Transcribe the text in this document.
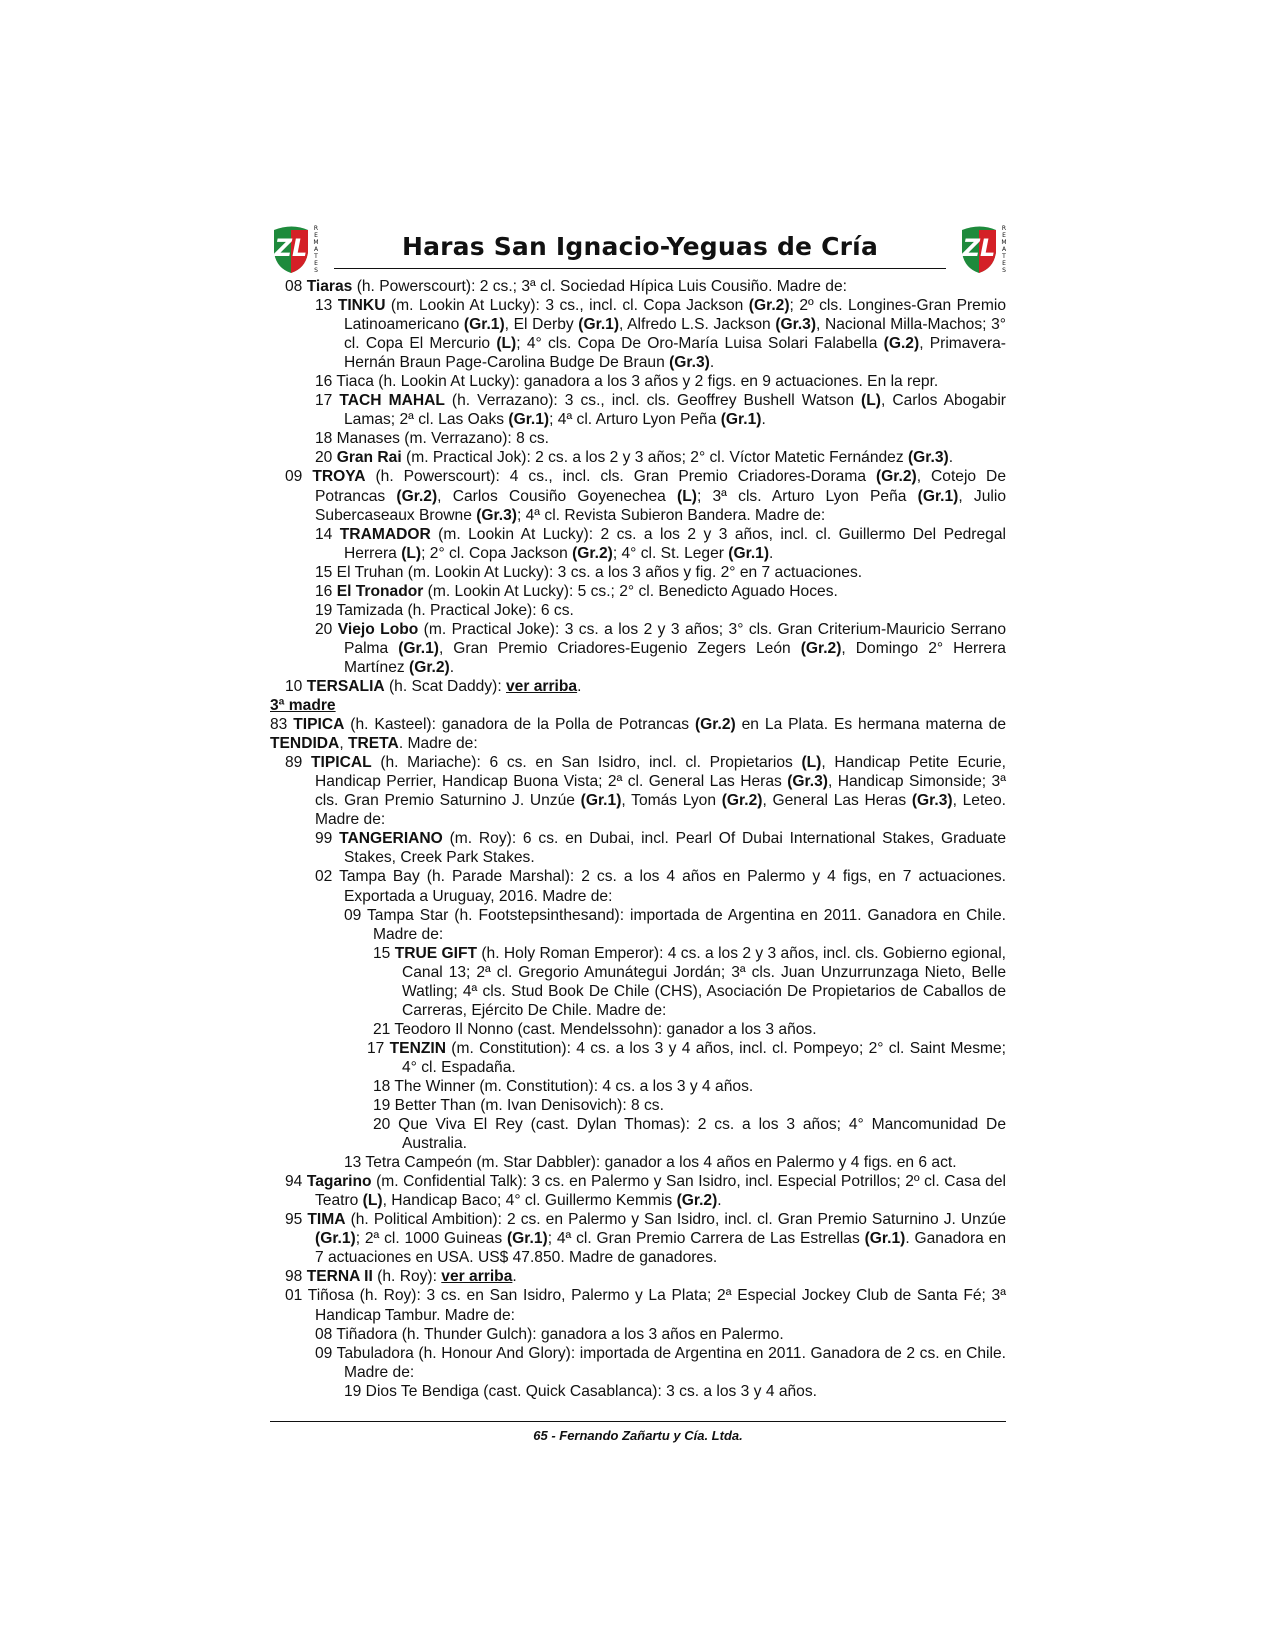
ZL
R
E
M
A
T
E
S
Haras San Ignacio-Yeguas de Cría	ZL
R
E
M
A
T
E
S
08 Tiaras (h. Powerscourt): 2 cs.; 3ª cl. Sociedad Hípica Luis Cousiño. Madre de:
13 TINKU (m. Lookin At Lucky): 3 cs., incl. cl. Copa Jackson (Gr.2); 2º cls. Longines-Gran Premio Latinoamericano (Gr.1), El Derby (Gr.1), Alfredo L.S. Jackson (Gr.3), Nacional Milla-Machos; 3° cl. Copa El Mercurio (L); 4° cls. Copa De Oro-María Luisa Solari Falabella (G.2), Primavera-Hernán Braun Page-Carolina Budge De Braun (Gr.3).
16 Tiaca (h. Lookin At Lucky): ganadora a los 3 años y 2 figs. en 9 actuaciones. En la repr.
17 TACH MAHAL (h. Verrazano): 3 cs., incl. cls. Geoffrey Bushell Watson (L), Carlos Abogabir Lamas; 2ª cl. Las Oaks (Gr.1); 4ª cl. Arturo Lyon Peña (Gr.1).
18 Manases (m. Verrazano): 8 cs.
20 Gran Rai (m. Practical Jok): 2 cs. a los 2 y 3 años; 2° cl. Víctor Matetic Fernández (Gr.3).
09 TROYA (h. Powerscourt): 4 cs., incl. cls. Gran Premio Criadores-Dorama (Gr.2), Cotejo De Potrancas (Gr.2), Carlos Cousiño Goyenechea (L); 3ª cls. Arturo Lyon Peña (Gr.1), Julio Subercaseaux Browne (Gr.3); 4ª cl. Revista Subieron Bandera. Madre de:
14 TRAMADOR (m. Lookin At Lucky): 2 cs. a los 2 y 3 años, incl. cl. Guillermo Del Pedregal Herrera (L); 2° cl. Copa Jackson (Gr.2); 4° cl. St. Leger (Gr.1).
15 El Truhan (m. Lookin At Lucky): 3 cs. a los 3 años y fig. 2° en 7 actuaciones.
16 El Tronador (m. Lookin At Lucky): 5 cs.; 2° cl. Benedicto Aguado Hoces.
19 Tamizada (h. Practical Joke): 6 cs.
20 Viejo Lobo (m. Practical Joke): 3 cs. a los 2 y 3 años; 3° cls. Gran Criterium-Mauricio Serrano Palma (Gr.1), Gran Premio Criadores-Eugenio Zegers León (Gr.2), Domingo 2° Herrera Martínez (Gr.2).
10 TERSALIA (h. Scat Daddy): ver arriba.
3ª madre
83 TIPICA (h. Kasteel): ganadora de la Polla de Potrancas (Gr.2) en La Plata. Es hermana materna de TENDIDA, TRETA. Madre de:
89 TIPICAL (h. Mariache): 6 cs. en San Isidro, incl. cl. Propietarios (L), Handicap Petite Ecurie, Handicap Perrier, Handicap Buona Vista; 2ª cl. General Las Heras (Gr.3), Handicap Simonside; 3ª cls. Gran Premio Saturnino J. Unzúe (Gr.1), Tomás Lyon (Gr.2), General Las Heras (Gr.3), Leteo. Madre de:
99 TANGERIANO (m. Roy): 6 cs. en Dubai, incl. Pearl Of Dubai International Stakes, Graduate Stakes, Creek Park Stakes.
02 Tampa Bay (h. Parade Marshal): 2 cs. a los 4 años en Palermo y 4 figs, en 7 actuaciones. Exportada a Uruguay, 2016. Madre de:
09 Tampa Star (h. Footstepsinthesand): importada de Argentina en 2011. Ganadora en Chile. Madre de:
15 TRUE GIFT (h. Holy Roman Emperor): 4 cs. a los 2 y 3 años, incl. cls. Gobierno egional, Canal 13; 2ª cl. Gregorio Amunátegui Jordán; 3ª cls. Juan Unzurrunzaga Nieto, Belle Watling; 4ª cls. Stud Book De Chile (CHS), Asociación De Propietarios de Caballos de Carreras, Ejército De Chile. Madre de:
21 Teodoro Il Nonno (cast. Mendelssohn): ganador a los 3 años.
17 TENZIN (m. Constitution): 4 cs. a los 3 y 4 años, incl. cl. Pompeyo; 2° cl. Saint Mesme; 4° cl. Espadaña.
18 The Winner (m. Constitution): 4 cs. a los 3 y 4 años.
19 Better Than (m. Ivan Denisovich): 8 cs.
20 Que Viva El Rey (cast. Dylan Thomas): 2 cs. a los 3 años; 4° Mancomunidad De Australia.
13 Tetra Campeón (m. Star Dabbler): ganador a los 4 años en Palermo y 4 figs. en 6 act.
94 Tagarino (m. Confidential Talk): 3 cs. en Palermo y San Isidro, incl. Especial Potrillos; 2º cl. Casa del Teatro (L), Handicap Baco; 4° cl. Guillermo Kemmis (Gr.2).
95 TIMA (h. Political Ambition): 2 cs. en Palermo y San Isidro, incl. cl. Gran Premio Saturnino J. Unzúe (Gr.1); 2ª cl. 1000 Guineas (Gr.1); 4ª cl. Gran Premio Carrera de Las Estrellas (Gr.1). Ganadora en 7 actuaciones en USA. US$ 47.850. Madre de ganadores.
98 TERNA II (h. Roy): ver arriba.
01 Tiñosa (h. Roy): 3 cs. en San Isidro, Palermo y La Plata; 2ª Especial Jockey Club de Santa Fé; 3ª Handicap Tambur. Madre de:
08 Tiñadora (h. Thunder Gulch): ganadora a los 3 años en Palermo.
09 Tabuladora (h. Honour And Glory): importada de Argentina en 2011. Ganadora de 2 cs. en Chile. Madre de:
19 Dios Te Bendiga (cast. Quick Casablanca): 3 cs. a los 3 y 4 años.
65 - Fernando Zañartu y Cía. Ltda.
